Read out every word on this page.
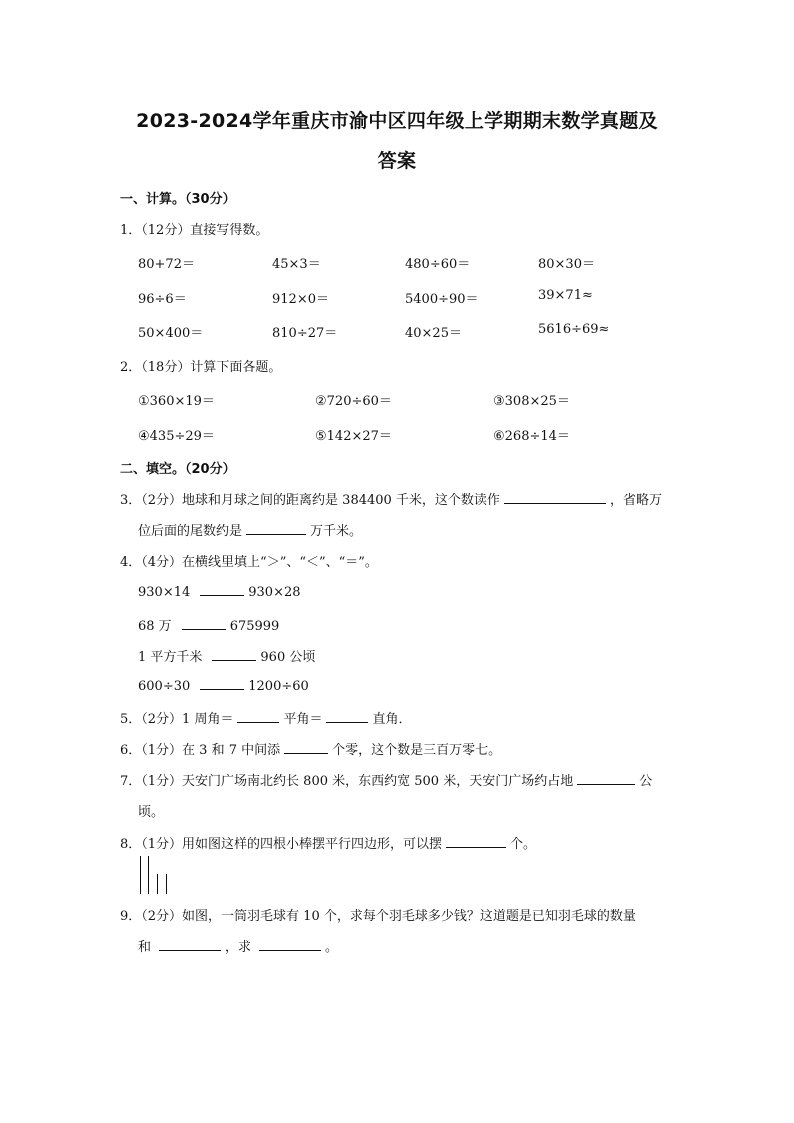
2023-2024学年重庆市渝中区四年级上学期期末数学真题及
答案
一、计算。（30分）
1．（12分）直接写得数。
80+72＝	45×3＝	480÷60＝	80×30＝
96÷6＝	912×0＝	5400÷90＝	39×71≈
50×400＝	810÷27＝	40×25＝	5616÷69≈
2．（18分）计算下面各题。
①360×19＝	②720÷60＝	③308×25＝
④435÷29＝	⑤142×27＝	⑥268÷14＝
二、填空。（20分）
3．（2分）地球和月球之间的距离约是 384400 千米，这个数读作	，省略万
位后面的尾数约是	万千米。
4．（4分）在横线里填上“＞”、“＜”、“＝”。
930×14	930×28
68 万	675999
1 平方千米	960 公顷
600÷30	1200÷60
5．（2分）1 周角＝	平角＝	直角．
6．（1分）在 3 和 7 中间添	个零，这个数是三百万零七。
7．（1分）天安门广场南北约长 800 米，东西约宽 500 米，天安门广场约占地	公
顷。
8．（1分）用如图这样的四根小棒摆平行四边形，可以摆	个。
9．（2分）如图，一筒羽毛球有 10 个，求每个羽毛球多少钱？这道题是已知羽毛球的数量
和	，求	。
